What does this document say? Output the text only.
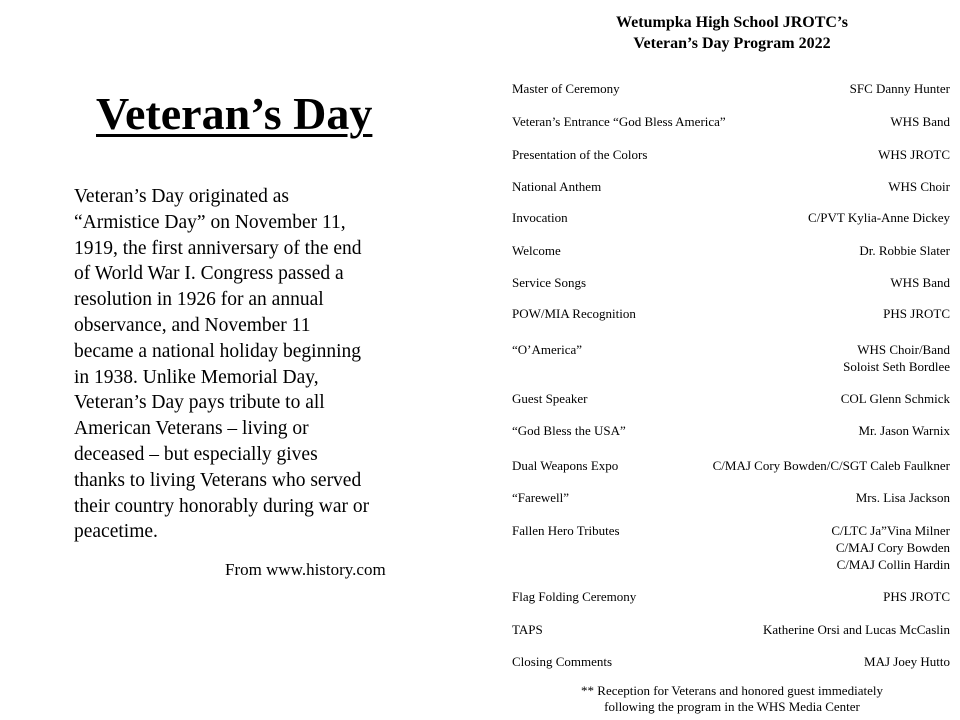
Veteran’s Day
Veteran’s Day originated as
“Armistice Day” on November 11,
1919, the first anniversary of the end
of World War I. Congress passed a
resolution in 1926 for an annual
observance, and November 11
became a national holiday beginning
in 1938. Unlike Memorial Day,
Veteran’s Day pays tribute to all
American Veterans – living or
deceased – but especially gives
thanks to living Veterans who served
their country honorably during war or
peacetime.
From www.history.com
Wetumpka High School JROTC’s
Veteran’s Day Program 2022
Master of Ceremony	SFC Danny Hunter
Veteran’s Entrance “God Bless America”	WHS Band
Presentation of the Colors	WHS JROTC
National Anthem	WHS Choir
Invocation	C/PVT Kylia-Anne Dickey
Welcome	Dr. Robbie Slater
Service Songs	WHS Band
POW/MIA Recognition	PHS JROTC
“O’America”	WHS Choir/Band
Soloist Seth Bordlee
Guest Speaker	COL Glenn Schmick
“God Bless the USA”	Mr. Jason Warnix
Dual Weapons Expo	C/MAJ Cory Bowden/C/SGT Caleb Faulkner
“Farewell”	Mrs. Lisa Jackson
Fallen Hero Tributes	C/LTC Ja”Vina Milner
C/MAJ Cory Bowden
C/MAJ Collin Hardin
Flag Folding Ceremony	PHS JROTC
TAPS	Katherine Orsi and Lucas McCaslin
Closing Comments	MAJ Joey Hutto
** Reception for Veterans and honored guest immediately
following the program in the WHS Media Center
